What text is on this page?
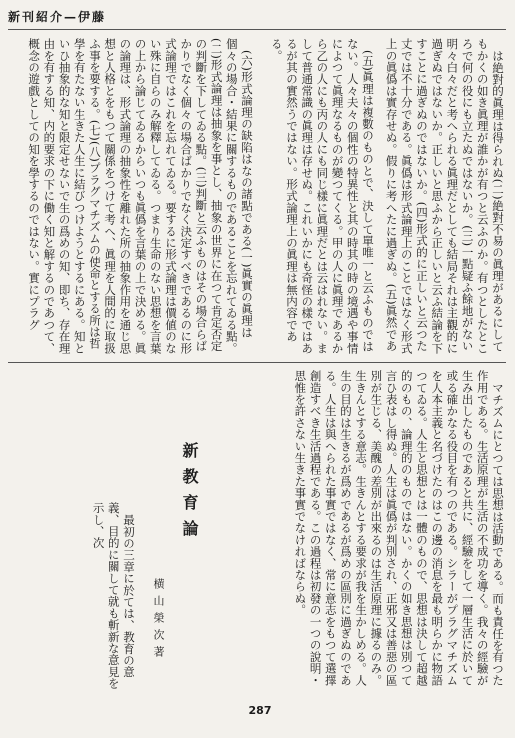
新刊紹介—伊藤

は絶對的眞理は得られぬ(二)絶對不易の眞理があるにしてもかくの如き眞理が誰かが有つと云ふのか。有つとしたところで何の役にも立たぬではないか。(三)一點疑ふ餘地がない明々白々だと考へられる眞理だとしても結局それは主觀的に過ぎぬではないか。正しいと思ふから正しいと云ふ結論を下すことに過ぎぬのではないか。(四)形式的に正しいと云つた丈では不十分である。眞僞は形式論理上のことではなく形式上の眞僞は實存せぬ。假りに考へたに過ぎぬ。(五)眞然であ

(五)眞理は複數のものとで、決して單唯一と云ふものではない。人々夫々の個性の特異性と其の時其の時の境遇や事情によつて眞理なるものが變つてくる。甲の人に眞理であるから乙の人にも丙の人にも同じ樣に眞理だとは云はれない。まして普通常識の眞理は存せぬ。これいかにも奇怪の樣ではあるが其の實然うではない。形式論理上の眞理は無内容である。

(六)形式論理の缺陷はなの諸點である(一)眞實の眞理は個々の場合・結果に關するものであることを忘れてゐる點。(二)形式論理は抽象を事とし、抽象の世界に在つて肯定否定の判斷を下してゐる點。(三)判斷と云ふものはその場合らばかりでなく個々の場合ばかりでなく決定すべきであるのに形式論理ではこれを忘れてゐる。要するに形式論理は價値のない殊に自らのみ解釋してゐる。つまり生命のない思想を言葉の上から論じてゐるからいつも眞僞を言葉の上で決める。眞の論理は、形式論理の抽象性を離れた所の抽象作用を通じ思想と人格とをもつて關係をつけて考へ、眞理を人間的に取扱ふ事を要する。(七)(八)プラグマチズムの使命とする所は哲學を有たない生きた人生に結びつけようとするにある。知といひ抽象的な知と限定せないで生の爲めの知、即ち、存在理由を有する知、内的要求の下に働く知と解するのであつて、概念の遊戲としての知を學するのではない。實にプラグ

マチズムにとつては思想は活動である。而も責任を有つた作用である。生活原理が生活の不成功を導く。我々の經驗が生み出したものであると共に、經驗をして一層生活に於いて或る確かなる役目を有つのである。シラーがプラグマチズムを人本主義と名づけたのはこの邊の消息を最も明らかに物語つてゐる。人生と思想とは一體のもので、思想は決して超越的のもの、論理的のものではない。かくの如き思想は別つて言ひ表はし得ぬ。人生は眞僞が判別され、正邪又は善惡の區別が生じる、美醜の差別が出來るのは生活原理に據るのみ。生きんとする意志。生きんとする要求が我を生かしめる。人生の目的は生きるが爲めであるが爲めの區別に過ぎぬのである。人生は與へられた事實ではなく、常に意志をもつて選擇創造すべき生活過程である。この過程は初發の一つの說明・思惟を許さない生きた事實でなければならぬ。

新教育論
横山榮次著

最初の三章に於ては、教育の意義、目的に關して就も斬新な意見を示し、次

287
